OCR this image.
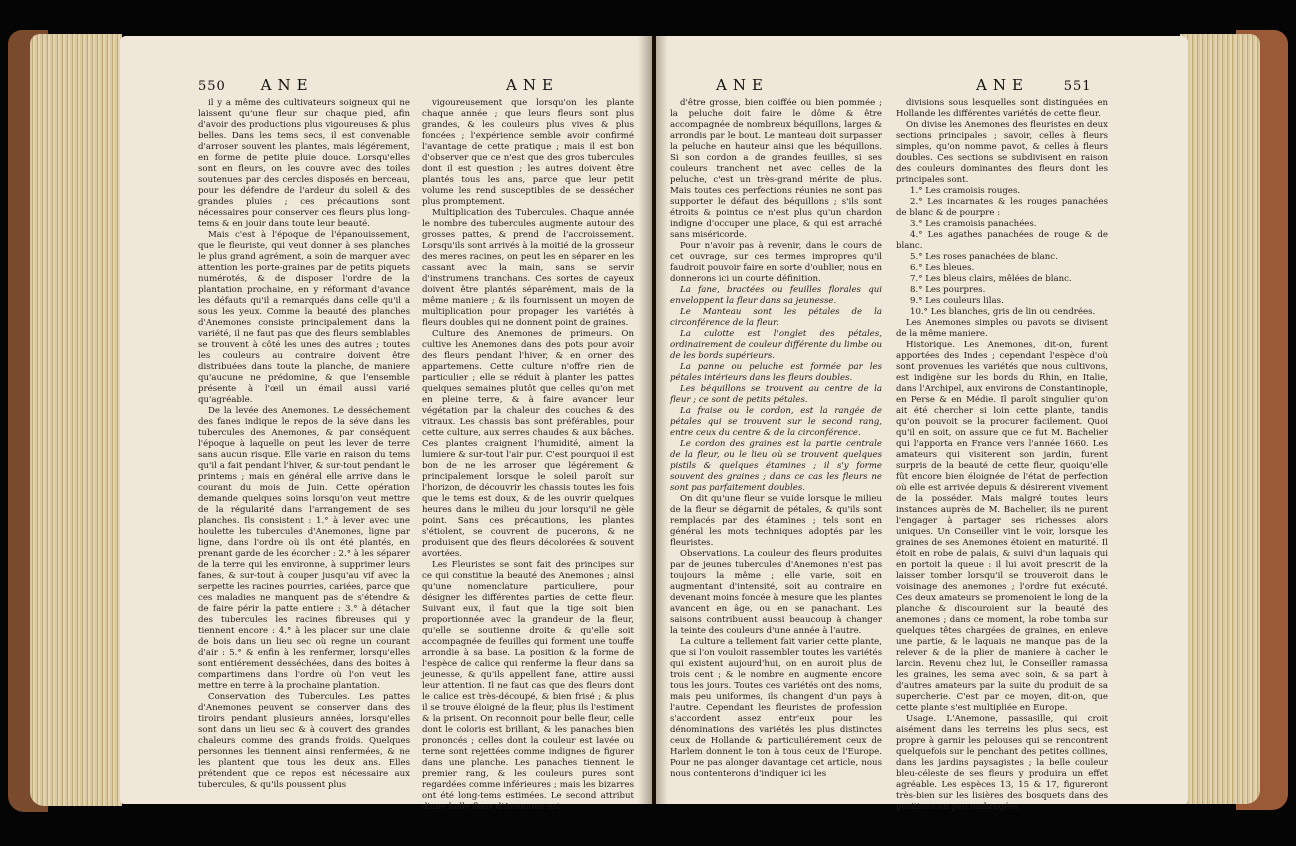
550 ANE	ANE

il y a même des cultivateurs soigneux qui ne laissent qu'une fleur sur chaque pied, afin d'avoir des productions plus vigoureuses & plus belles. Dans les tems secs, il est convenable d'arroser souvent les plantes, mais légérement, en forme de petite pluie douce. Lorsqu'elles sont en fleurs, on les couvre avec des toiles soutenues par des cercles disposés en berceau, pour les défendre de l'ardeur du soleil & des grandes pluies ; ces précautions sont nécessaires pour conserver ces fleurs plus long-tems & en jouir dans toute leur beauté.

Mais c'est à l'époque de l'épanouissement, que le fleuriste, qui veut donner à ses planches le plus grand agrément, a soin de marquer avec attention les porte-graines par de petits piquets numérotés, & de disposer l'ordre de la plantation prochaine, en y réformant d'avance les défauts qu'il a remarqués dans celle qu'il a sous les yeux. Comme la beauté des planches d'Anemones consiste principalement dans la variété, il ne faut pas que des fleurs semblables se trouvent à côté les unes des autres ; toutes les couleurs au contraire doivent être distribuées dans toute la planche, de maniere qu'aucune ne prédomine, & que l'ensemble présente à l'œil un émail aussi varié qu'agréable.

De la levée des Anemones. Le desséchement des fanes indique le repos de la séve dans les tubercules des Anemones, & par conséquent l'époque à laquelle on peut les lever de terre sans aucun risque. Elle varie en raison du tems qu'il a fait pendant l'hiver, & sur-tout pendant le printems ; mais en général elle arrive dans le courant du mois de Juin. Cette opération demande quelques soins lorsqu'on veut mettre de la régularité dans l'arrangement de ses planches. Ils consistent : 1.° à lever avec une houlette les tubercules d'Anemones, ligne par ligne, dans l'ordre où ils ont été plantés, en prenant garde de les écorcher : 2.° à les séparer de la terre qui les environne, à supprimer leurs fanes, & sur-tout à couper jusqu'au vif avec la serpette les racines pourries, cariées, parce que ces maladies ne manquent pas de s'étendre & de faire périr la patte entiere : 3.° à détacher des tubercules les racines fibreuses qui y tiennent encore : 4.° à les placer sur une claie de bois dans un lieu sec où regne un courant d'air : 5.° & enfin à les renfermer, lorsqu'elles sont entiérement desséchées, dans des boites à compartimens dans l'ordre où l'on veut les mettre en terre à la prochaine plantation.

Conservation des Tubercules. Les pattes d'Anemones peuvent se conserver dans des tiroirs pendant plusieurs années, lorsqu'elles sont dans un lieu sec & à couvert des grandes chaleurs comme des grands froids. Quelques personnes les tiennent ainsi renfermées, & ne les plantent que tous les deux ans. Elles prétendent que ce repos est nécessaire aux tubercules, & qu'ils poussent plus

vigoureusement que lorsqu'on les plante chaque année ; que leurs fleurs sont plus grandes, & les couleurs plus vives & plus foncées ; l'expérience semble avoir confirmé l'avantage de cette pratique ; mais il est bon d'observer que ce n'est que des gros tubercules dont il est question ; les autres doivent être plantés tous les ans, parce que leur petit volume les rend susceptibles de se dessécher plus promptement.

Multiplication des Tubercules. Chaque année le nombre des tubercules augmente autour des grosses pattes, & prend de l'accroissement. Lorsqu'ils sont arrivés à la moitié de la grosseur des meres racines, on peut les en séparer en les cassant avec la main, sans se servir d'instrumens tranchans. Ces sortes de cayeux doivent être plantés séparément, mais de la même maniere ; & ils fournissent un moyen de multiplication pour propager les variétés à fleurs doubles qui ne donnent point de graines.

Culture des Anemones de primeurs. On cultive les Anemones dans des pots pour avoir des fleurs pendant l'hiver, & en orner des appartemens. Cette culture n'offre rien de particulier ; elle se réduit à planter les pattes quelques semaines plutôt que celles qu'on met en pleine terre, & à faire avancer leur végétation par la chaleur des couches & des vitraux. Les chassis bas sont préférables, pour cette culture, aux serres chaudes & aux bâches. Ces plantes craignent l'humidité, aiment la lumiere & sur-tout l'air pur. C'est pourquoi il est bon de ne les arroser que légérement & principalement lorsque le soleil paroît sur l'horizon, de découvrir les chassis toutes les fois que le tems est doux, & de les ouvrir quelques heures dans le milieu du jour lorsqu'il ne gèle point. Sans ces précautions, les plantes s'étiolent, se couvrent de pucerons, & ne produisent que des fleurs décolorées & souvent avortées.

Les Fleuristes se sont fait des principes sur ce qui constitue la beauté des Anemones ; ainsi qu'une nomenclature particuliere, pour désigner les différentes parties de cette fleur. Suivant eux, il faut que la tige soit bien proportionnée avec la grandeur de la fleur, qu'elle se soutienne droite & qu'elle soit accompagnée de feuilles qui forment une touffe arrondie à sa base. La position & la forme de l'espèce de calice qui renferme la fleur dans sa jeunesse, & qu'ils appellent fane, attire aussi leur attention. Il ne faut cas que des fleurs dont le calice est très-découpé, & bien frisé ; & plus il se trouve éloigné de la fleur, plus ils l'estiment & la prisent. On reconnoit pour belle fleur, celle dont le coloris est brillant, & les panaches bien prononcés ; celles dont la couleur est lavée ou terne sont rejettées comme indignes de figurer dans une planche. Les panaches tiennent le premier rang, & les couleurs pures sont regardées comme inférieures ; mais les bizarres ont été long-tems estimées. Le second attribut d'une belle fleur d'Anemone est

ANE	ANE	551

d'être grosse, bien coiffée ou bien pommée ; la peluche doit faire le dôme & être accompagnée de nombreux béquillons, larges & arrondis par le bout. Le manteau doit surpasser la peluche en hauteur ainsi que les béquillons. Si son cordon a de grandes feuilles, si ses couleurs tranchent net avec celles de la peluche, c'est un très-grand mérite de plus. Mais toutes ces perfections réunies ne sont pas supporter le défaut des béquillons ; s'ils sont étroits & pointus ce n'est plus qu'un chardon indigne d'occuper une place, & qui est arraché sans miséricorde.

Pour n'avoir pas à revenir, dans le cours de cet ouvrage, sur ces termes impropres qu'il faudroit pouvoir faire en sorte d'oublier, nous en donnerons ici un courte définition.

La fane, bractées ou feuilles florales qui enveloppent la fleur dans sa jeunesse.

Le Manteau sont les pétales de la circonférence de la fleur.

La culotte est l'onglet des pétales, ordinairement de couleur différente du limbe ou de les bords supérieurs.

La panne ou peluche est formée par les pétales intérieurs dans les fleurs doubles.

Les béquillons se trouvent au centre de la fleur ; ce sont de petits pétales.

La fraise ou le cordon, est la rangée de pétales qui se trouvent sur le second rang, entre ceux du centre & de la circonférence.

Le cordon des graines est la partie centrale de la fleur, ou le lieu où se trouvent quelques pistils & quelques étamines ; il s'y forme souvent des graines ; dans ce cas les fleurs ne sont pas parfaitement doubles.

On dit qu'une fleur se vuide lorsque le milieu de la fleur se dégarnit de pétales, & qu'ils sont remplacés par des étamines ; tels sont en général les mots techniques adoptés par les fleuristes.

Observations. La couleur des fleurs produites par de jeunes tubercules d'Anemones n'est pas toujours la même ; elle varie, soit en augmentant d'intensité, soit au contraire en devenant moins foncée à mesure que les plantes avancent en âge, ou en se panachant. Les saisons contribuent aussi beaucoup à changer la teinte des couleurs d'une année à l'autre.

La culture a tellement fait varier cette plante, que si l'on vouloit rassembler toutes les variétés qui existent aujourd'hui, on en auroit plus de trois cent ; & le nombre en augmente encore tous les jours. Toutes ces variétés ont des noms, mais peu uniformes, ils changent d'un pays à l'autre. Cependant les fleuristes de profession s'accordent assez entr'eux pour les dénominations des variétés les plus distinctes ceux de Hollande & particuliérement ceux de Harlem donnent le ton à tous ceux de l'Europe. Pour ne pas alonger davantage cet article, nous nous contenterons d'indiquer ici les

divisions sous lesquelles sont distinguées en Hollande les différentes variétés de cette fleur.

On divise les Anemones des fleuristes en deux sections principales ; savoir, celles à fleurs simples, qu'on nomme pavot, & celles à fleurs doubles. Ces sections se subdivisent en raison des couleurs dominantes des fleurs dont les principales sont.

1.° Les cramoisis rouges.

2.° Les incarnates & les rouges panachées de blanc & de pourpre :

3.° Les cramoisis panachées.

4.° Les agathes panachées de rouge & de blanc.

5.° Les roses panachées de blanc.

6.° Les bleues.

7.° Les bleus clairs, mêlées de blanc.

8.° Les pourpres.

9.° Les couleurs lilas.

10.° Les blanches, gris de lin ou cendrées.

Les Anemones simples ou pavots se divisent de la même maniere.

Historique. Les Anemones, dit-on, furent apportées des Indes ; cependant l'espèce d'où sont provenues les variétés que nous cultivons, est indigène sur les bords du Rhin, en Italie, dans l'Archipel, aux environs de Constantinople, en Perse & en Médie. Il paroît singulier qu'on ait été chercher si loin cette plante, tandis qu'on pouvoit se la procurer facilement. Quoi qu'il en soit, on assure que ce fut M. Bachelier qui l'apporta en France vers l'année 1660. Les amateurs qui visiterent son jardin, furent surpris de la beauté de cette fleur, quoiqu'elle fût encore bien éloignée de l'état de perfection où elle est arrivée depuis & désirerent vivement de la posséder. Mais malgré toutes leurs instances auprès de M. Bachelier, ils ne purent l'engager à partager ses richesses alors uniques. Un Conseiller vint le voir, lorsque les graines de ses Anemones étoient en maturité. Il étoit en robe de palais, & suivi d'un laquais qui en portoit la queue : il lui avoit prescrit de la laisser tomber lorsqu'il se trouveroit dans le voisinage des anemones ; l'ordre fut exécuté. Ces deux amateurs se promenoient le long de la planche & discouroient sur la beauté des anemones ; dans ce moment, la robe tomba sur quelques têtes chargées de graines, en enleve une partie, & le laquais ne manque pas de la relever & de la plier de maniere à cacher le larcin. Revenu chez lui, le Conseiller ramassa les graines, les sema avec soin, & sa part à d'autres amateurs par la suite du produit de sa supercherie. C'est par ce moyen, dit-on, que cette plante s'est multipliée en Europe.

Usage. L'Anemone, passasille, qui croit aisément dans les terreins les plus secs, est propre à garnir les pelouses qui se rencontrent quelquefois sur le penchant des petites collines, dans les jardins paysagistes ; la belle couleur bleu-céleste de ses fleurs y produira un effet agréable. Les espèces 13, 15 & 17, figureront très-bien sur les lisières des bosquets dans des positions un peu ombragées
